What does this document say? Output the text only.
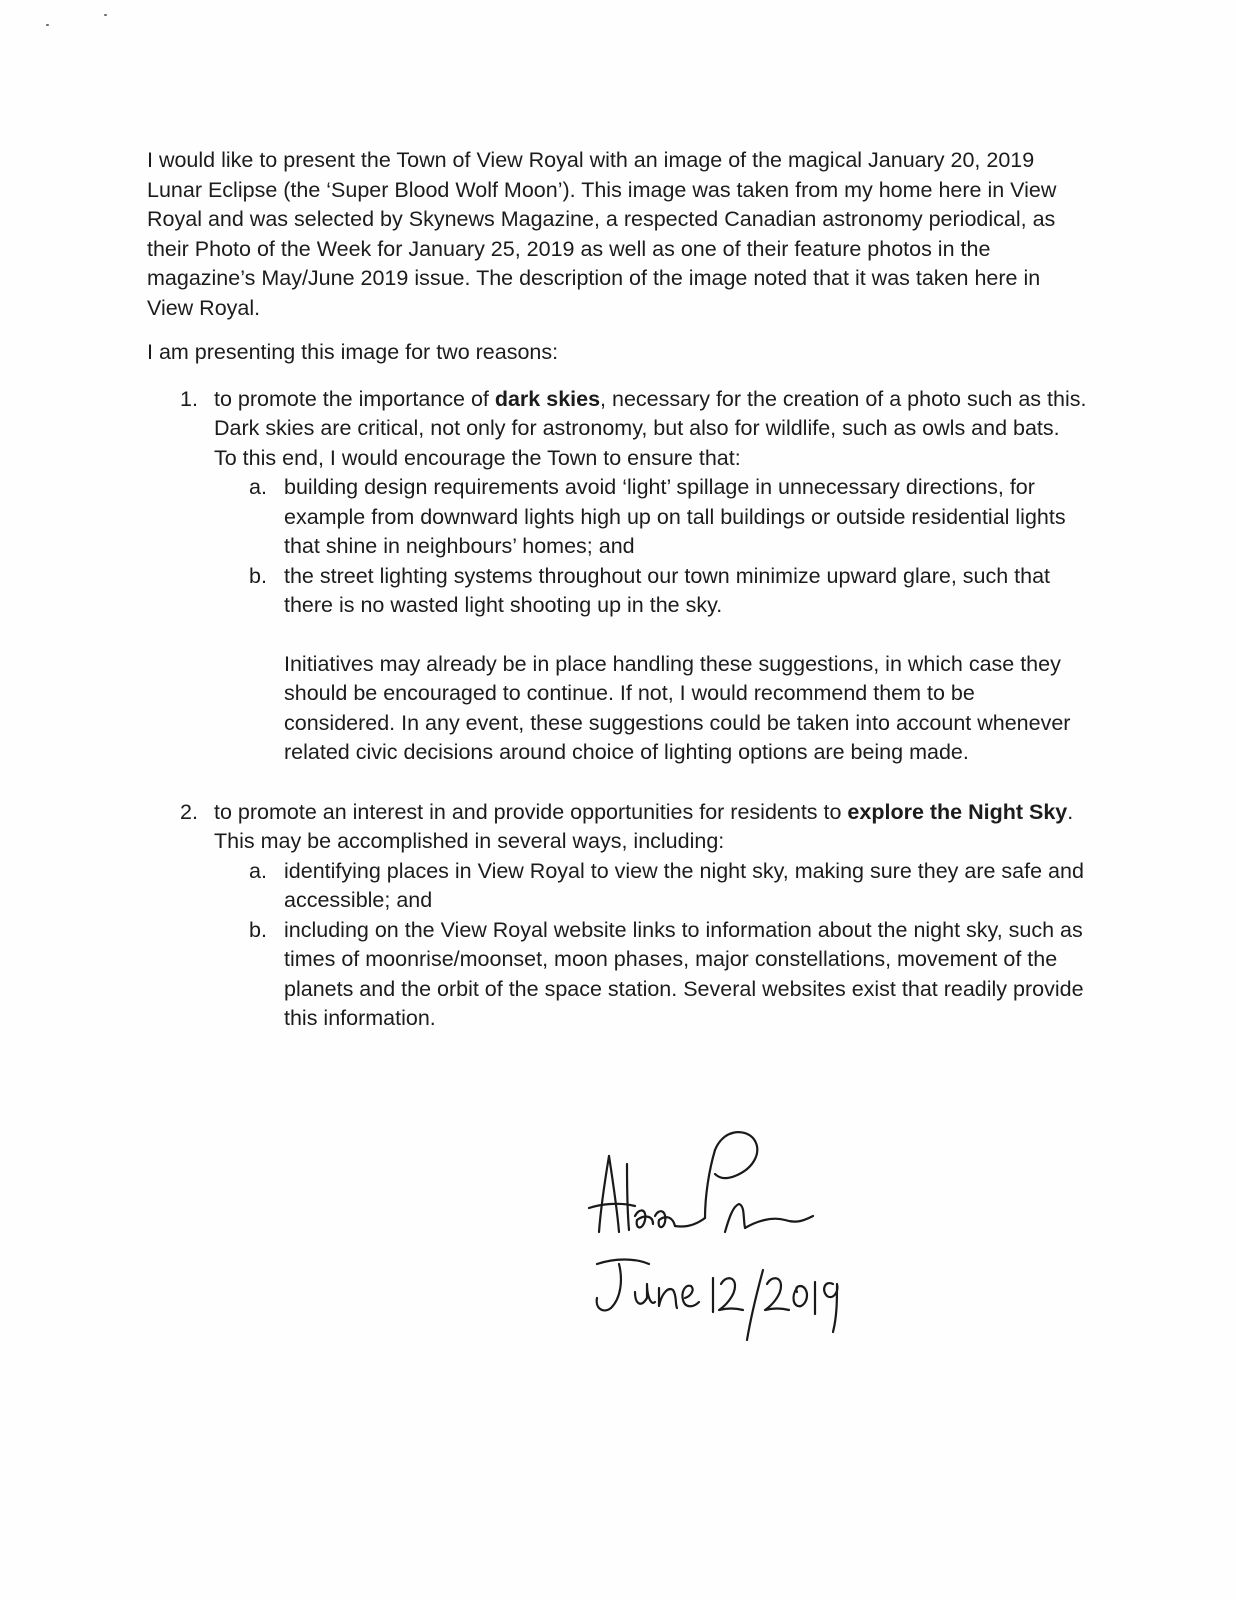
I would like to present the Town of View Royal with an image of the magical January 20, 2019 Lunar Eclipse (the ‘Super Blood Wolf Moon’). This image was taken from my home here in View Royal and was selected by Skynews Magazine, a respected Canadian astronomy periodical, as their Photo of the Week for January 25, 2019 as well as one of their feature photos in the magazine’s May/June 2019 issue. The description of the image noted that it was taken here in View Royal.

I am presenting this image for two reasons:

1. to promote the importance of dark skies, necessary for the creation of a photo such as this. Dark skies are critical, not only for astronomy, but also for wildlife, such as owls and bats. To this end, I would encourage the Town to ensure that:

a. building design requirements avoid ‘light’ spillage in unnecessary directions, for example from downward lights high up on tall buildings or outside residential lights that shine in neighbours’ homes; and

b. the street lighting systems throughout our town minimize upward glare, such that there is no wasted light shooting up in the sky.

Initiatives may already be in place handling these suggestions, in which case they should be encouraged to continue. If not, I would recommend them to be considered. In any event, these suggestions could be taken into account whenever related civic decisions around choice of lighting options are being made.

2. to promote an interest in and provide opportunities for residents to explore the Night Sky. This may be accomplished in several ways, including:

a. identifying places in View Royal to view the night sky, making sure they are safe and accessible; and

b. including on the View Royal website links to information about the night sky, such as times of moonrise/moonset, moon phases, major constellations, movement of the planets and the orbit of the space station. Several websites exist that readily provide this information.
